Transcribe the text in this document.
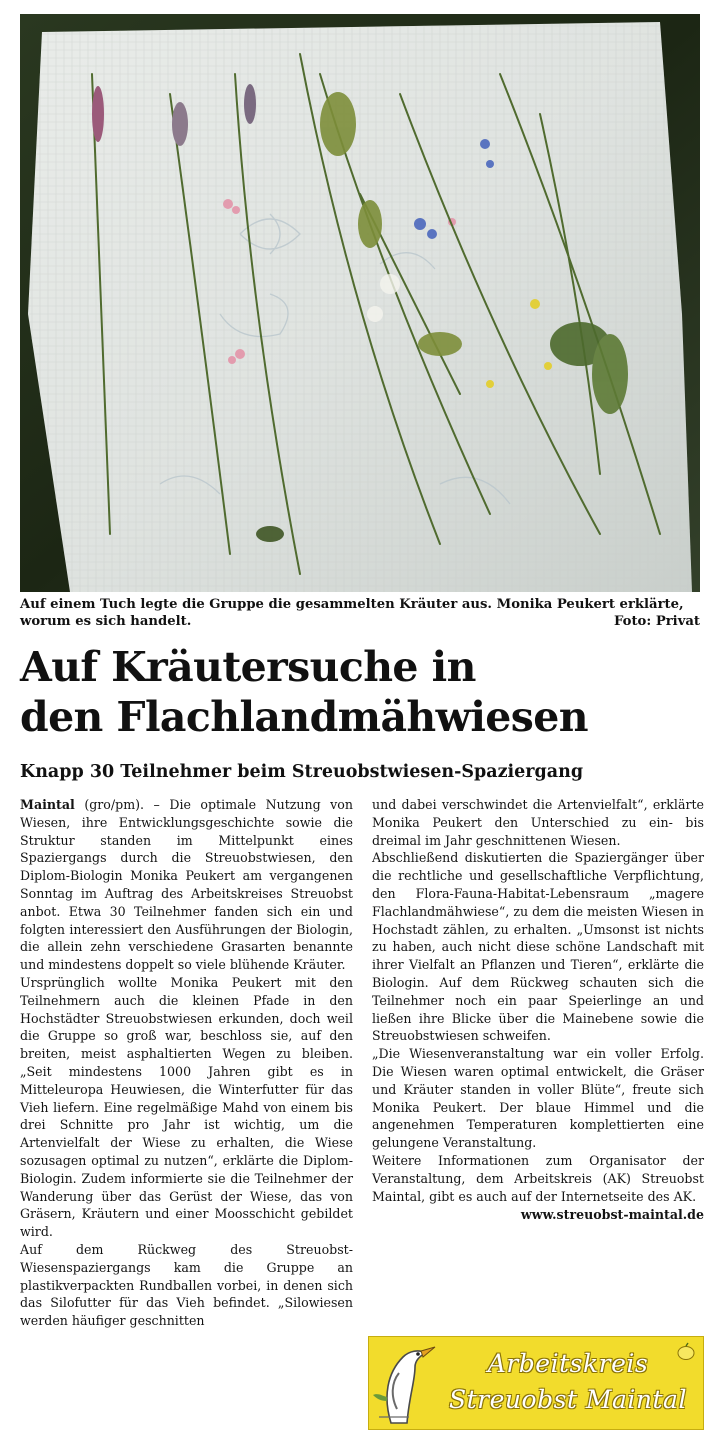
Auf einem Tuch legte die Gruppe die gesammelten Kräuter aus. Monika Peukert erklärte, worum es sich handelt.	Foto: Privat
Auf Kräutersuche in
den Flachlandmähwiesen
Knapp 30 Teilnehmer beim Streuobstwiesen-Spaziergang

Maintal (gro/pm). – Die optimale Nutzung von Wiesen, ihre Entwicklungsgeschichte sowie die Struktur standen im Mittelpunkt eines Spaziergangs durch die Streuobstwiesen, den Diplom-Biologin Monika Peukert am vergangenen Sonntag im Auftrag des Arbeitskreises Streuobst anbot. Etwa 30 Teilnehmer fanden sich ein und folgten interessiert den Ausführungen der Biologin, die allein zehn verschiedene Grasarten benannte und mindestens doppelt so viele blühende Kräuter.

Ursprünglich wollte Monika Peukert mit den Teilnehmern auch die kleinen Pfade in den Hochstädter Streuobstwiesen erkunden, doch weil die Gruppe so groß war, beschloss sie, auf den breiten, meist asphaltierten Wegen zu bleiben. „Seit mindestens 1000 Jahren gibt es in Mitteleuropa Heuwiesen, die Winterfutter für das Vieh liefern. Eine regelmäßige Mahd von einem bis drei Schnitte pro Jahr ist wichtig, um die Artenvielfalt der Wiese zu erhalten, die Wiese sozusagen optimal zu nutzen“, erklärte die Diplom-Biologin. Zudem informierte sie die Teilnehmer der Wanderung über das Gerüst der Wiese, das von Gräsern, Kräutern und einer Moosschicht gebildet wird.

Auf dem Rückweg des Streuobst-Wiesenspaziergangs kam die Gruppe an plastikverpackten Rundballen vorbei, in denen sich das Silofutter für das Vieh befindet. „Silowiesen werden häufiger geschnitten

und dabei verschwindet die Artenvielfalt“, erklärte Monika Peukert den Unterschied zu ein- bis dreimal im Jahr geschnittenen Wiesen.

Abschließend diskutierten die Spaziergänger über die rechtliche und gesellschaftliche Verpflichtung, den Flora-Fauna-Habitat-Lebensraum „magere Flachlandmähwiese“, zu dem die meisten Wiesen in Hochstadt zählen, zu erhalten. „Umsonst ist nichts zu haben, auch nicht diese schöne Landschaft mit ihrer Vielfalt an Pflanzen und Tieren“, erklärte die Biologin. Auf dem Rückweg schauten sich die Teilnehmer noch ein paar Speierlinge an und ließen ihre Blicke über die Mainebene sowie die Streuobstwiesen schweifen.

„Die Wiesenveranstaltung war ein voller Erfolg. Die Wiesen waren optimal entwickelt, die Gräser und Kräuter standen in voller Blüte“, freute sich Monika Peukert. Der blaue Himmel und die angenehmen Temperaturen komplettierten eine gelungene Veranstaltung.

Weitere Informationen zum Organisator der Veranstaltung, dem Arbeitskreis (AK) Streuobst Maintal, gibt es auch auf der Internetseite des AK.

www.streuobst-maintal.de
Arbeitskreis
Streuobst Maintal
